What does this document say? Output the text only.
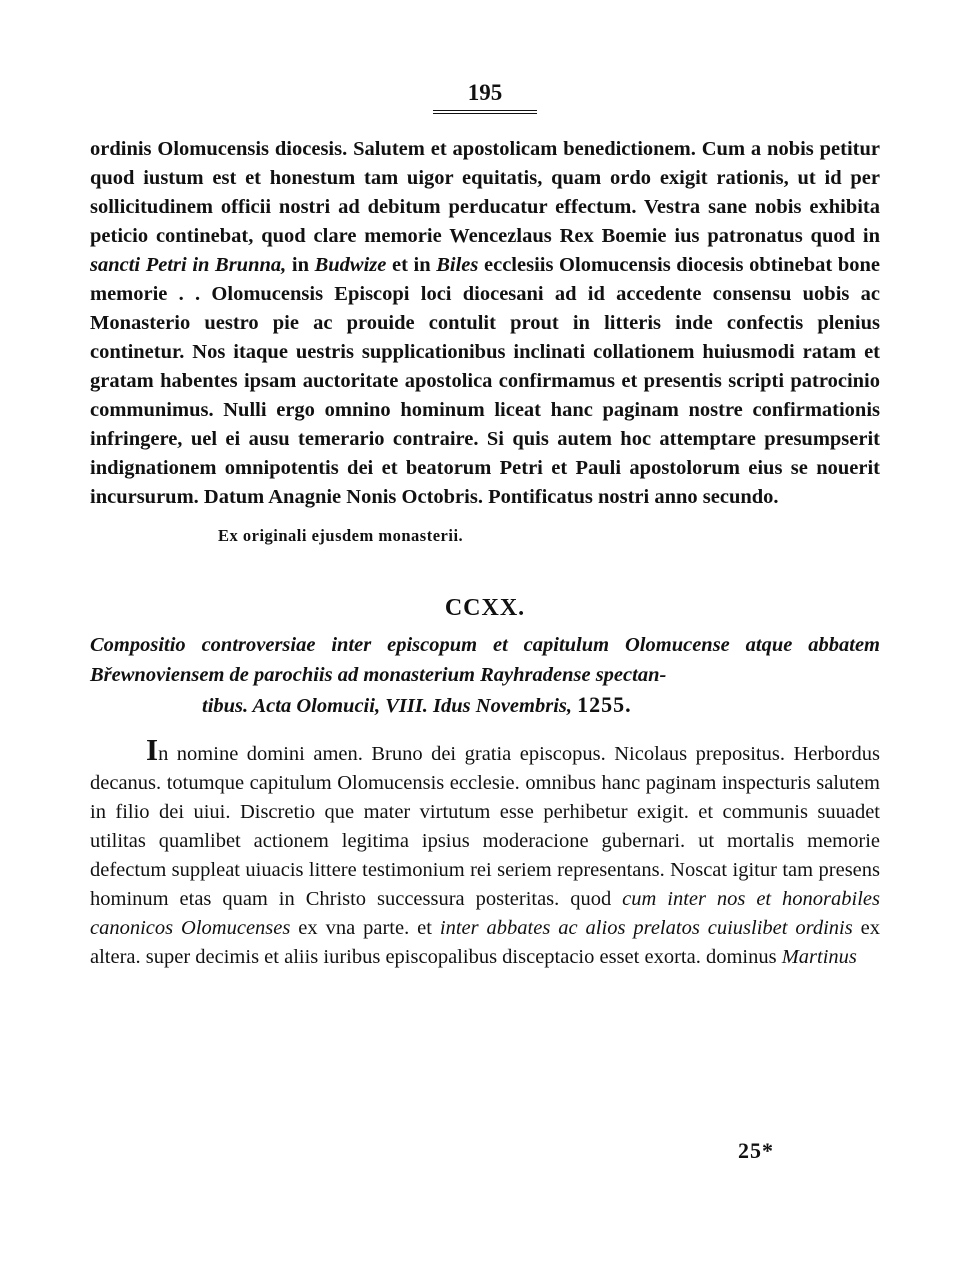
195

ordinis Olomucensis diocesis. Salutem et apostolicam benedictionem. Cum a nobis petitur quod iustum est et honestum tam uigor equitatis, quam ordo exigit rationis, ut id per sollicitudinem officii nostri ad debitum perducatur effectum. Vestra sane nobis exhibita peticio continebat, quod clare memorie Wencezlaus Rex Boemie ius patronatus quod in sancti Petri in Brunna, in Budwize et in Biles ecclesiis Olomucensis diocesis obtinebat bone memorie . . Olomucensis Episcopi loci diocesani ad id accedente consensu uobis ac Monasterio uestro pie ac prouide contulit prout in litteris inde confectis plenius continetur. Nos itaque uestris supplicationibus inclinati collationem huiusmodi ratam et gratam habentes ipsam auctoritate apostolica confirmamus et presentis scripti patrocinio communimus. Nulli ergo omnino hominum liceat hanc paginam nostre confirmationis infringere, uel ei ausu temerario contraire. Si quis autem hoc attemptare presumpserit indignationem omnipotentis dei et beatorum Petri et Pauli apostolorum eius se nouerit incursurum. Datum Anagnie Nonis Octobris. Pontificatus nostri anno secundo.

Ex originali ejusdem monasterii.
CCXX.
Compositio controversiae inter episcopum et capitulum Olomucense atque abbatem Břewnoviensem de parochiis ad monasterium Rayhradense spectan-
tibus. Acta Olomucii, VIII. Idus Novembris, 1255.
In nomine domini amen. Bruno dei gratia episcopus. Nicolaus prepositus. Herbordus decanus. totumque capitulum Olomucensis ecclesie. omnibus hanc paginam inspecturis salutem in filio dei uiui. Discretio que mater virtutum esse perhibetur exigit. et communis suuadet utilitas quamlibet actionem legitima ipsius moderacione gubernari. ut mortalis memorie defectum suppleat uiuacis littere testimonium rei seriem representans. Noscat igitur tam presens hominum etas quam in Christo successura posteritas. quod cum inter nos et honorabiles canonicos Olomucenses ex vna parte. et inter abbates ac alios prelatos cuiuslibet ordinis ex altera. super decimis et aliis iuribus episcopalibus disceptacio esset exorta. dominus Martinus
25*
